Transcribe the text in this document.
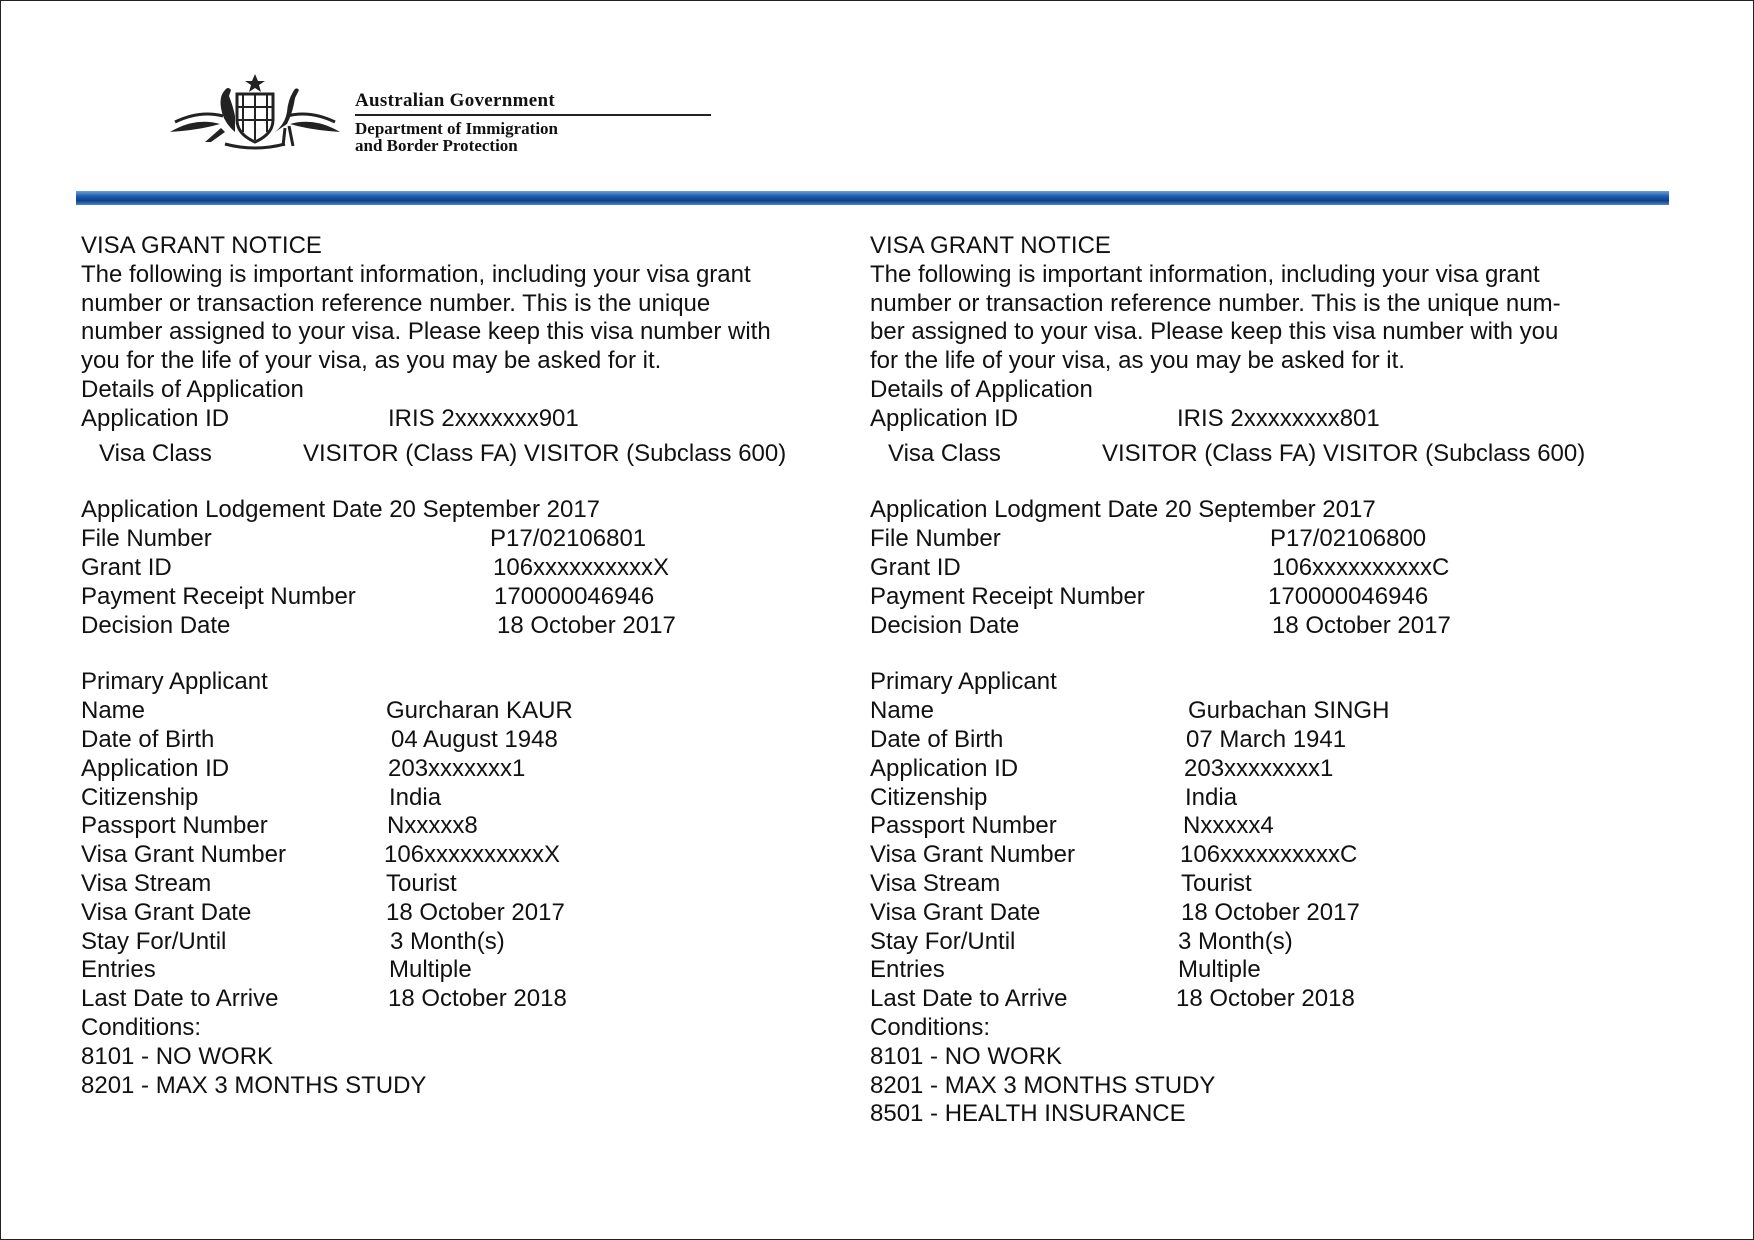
Australian Government
Department of Immigration
and Border Protection
VISA GRANT NOTICE
The following is important information, including your visa grant
number or transaction reference number. This is the unique
number assigned to your visa. Please keep this visa number with
you for the life of your visa, as you may be asked for it.
Details of Application
Application ID	IRIS 2xxxxxxx901
Visa Class	VISITOR (Class FA) VISITOR (Subclass 600)
Application Lodgement Date 20 September 2017
File Number	P17/02106801
Grant ID	106xxxxxxxxxxX
Payment Receipt Number	170000046946
Decision Date	18 October 2017
Primary Applicant
Name	Gurcharan KAUR
Date of Birth	04 August 1948
Application ID	203xxxxxxx1
Citizenship	India
Passport Number	Nxxxxx8
Visa Grant Number	106xxxxxxxxxxX
Visa Stream	Tourist
Visa Grant Date	18 October 2017
Stay For/Until	3 Month(s)
Entries	Multiple
Last Date to Arrive	18 October 2018
Conditions:
8101 - NO WORK
8201 - MAX 3 MONTHS STUDY
VISA GRANT NOTICE
The following is important information, including your visa grant
number or transaction reference number. This is the unique num-
ber assigned to your visa. Please keep this visa number with you
for the life of your visa, as you may be asked for it.
Details of Application
Application ID	IRIS 2xxxxxxxx801
Visa Class	VISITOR (Class FA) VISITOR (Subclass 600)
Application Lodgment Date 20 September 2017
File Number	P17/02106800
Grant ID	106xxxxxxxxxxC
Payment Receipt Number	170000046946
Decision Date	18 October 2017
Primary Applicant
Name	Gurbachan SINGH
Date of Birth	07 March 1941
Application ID	203xxxxxxxx1
Citizenship	India
Passport Number	Nxxxxx4
Visa Grant Number	106xxxxxxxxxxC
Visa Stream	Tourist
Visa Grant Date	18 October 2017
Stay For/Until	3 Month(s)
Entries	Multiple
Last Date to Arrive	18 October 2018
Conditions:
8101 - NO WORK
8201 - MAX 3 MONTHS STUDY
8501 - HEALTH INSURANCE
